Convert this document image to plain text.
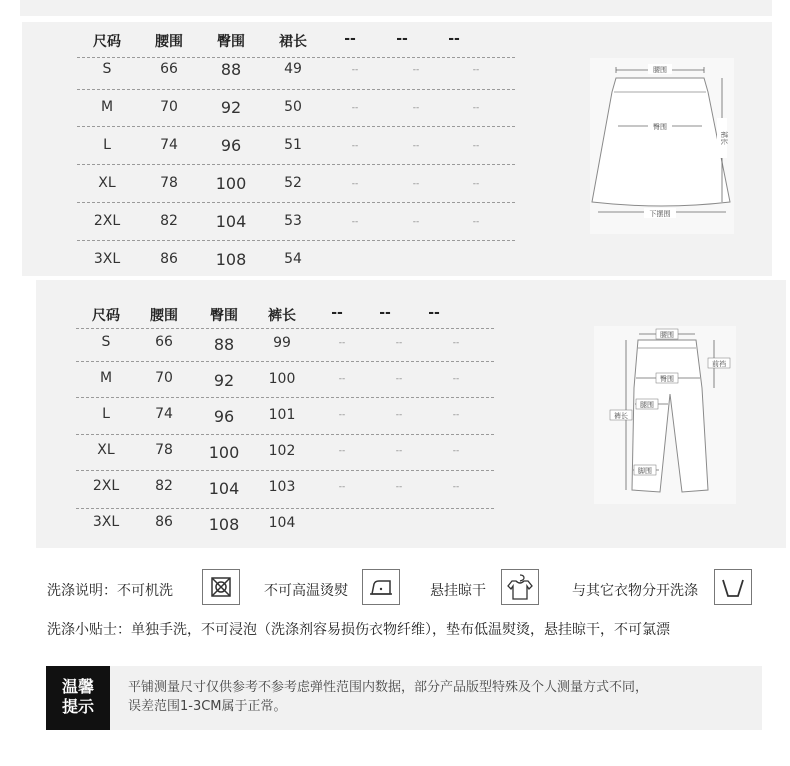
尺码 腰围 臀围 裙长	--	--	--
S	66	88	49	--	--	--
M	70	92	50	--	--	--
L	74	96	51	--	--	--
XL	78 100	52	--	--	--
2XL	82 104	53	--	--	--
3XL	86 108	54
腰围
臀围
裙长
下摆围
尺码 腰围 臀围 裤长	--	--	--
S	66	88	99	--	--	--
M	70	92 100	--	--	--
L	74	96 101	--	--	--
XL	78 100 102	--	--	--
2XL	82 104 103	--	--	--
3XL	86 108 104
腰围
前裆
臀围
腿围
裤长
脚围
洗涤说明：不可机洗	不可高温烫熨	悬挂晾干	与其它衣物分开洗涤
洗涤小贴士：单独手洗，不可浸泡（洗涤剂容易损伤衣物纤维），垫布低温熨烫，悬挂晾干，不可氯漂
温馨
提示
平铺测量尺寸仅供参考不参考虑弹性范围内数据，部分产品版型特殊及个人测量方式不同，
误差范围1-3CM属于正常。
